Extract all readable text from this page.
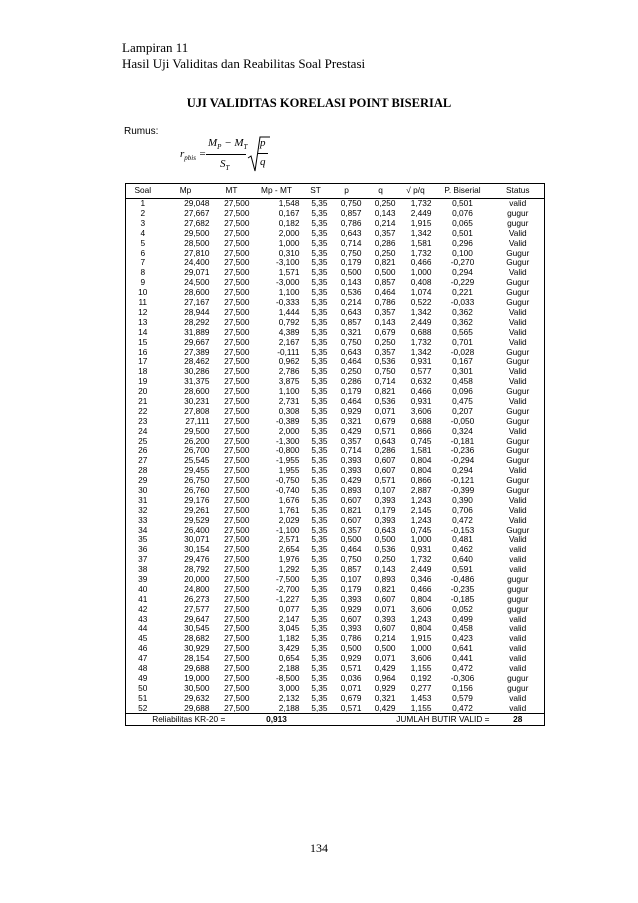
Lampiran 11
Hasil Uji Validitas dan Reabilitas Soal Prestasi
UJI VALIDITAS KORELASI POINT BISERIAL
Rumus:
$r_{pbis}$ =
$M_P - M_T$
$S_T$
p
q
Soal	Mp	MT	Mp - MT	ST	p	q	√ p/q	P. Biserial	Status
1	29,048	27,500	1,548	5,35	0,750	0,250	1,732	0,501	valid
2	27,667	27,500	0,167	5,35	0,857	0,143	2,449	0,076	gugur
3	27,682	27,500	0,182	5,35	0,786	0,214	1,915	0,065	gugur
4	29,500	27,500	2,000	5,35	0,643	0,357	1,342	0,501	Valid
5	28,500	27,500	1,000	5,35	0,714	0,286	1,581	0,296	Valid
6	27,810	27,500	0,310	5,35	0,750	0,250	1,732	0,100	Gugur
7	24,400	27,500	-3,100	5,35	0,179	0,821	0,466	-0,270	Gugur
8	29,071	27,500	1,571	5,35	0,500	0,500	1,000	0,294	Valid
9	24,500	27,500	-3,000	5,35	0,143	0,857	0,408	-0,229	Gugur
10	28,600	27,500	1,100	5,35	0,536	0,464	1,074	0,221	Gugur
11	27,167	27,500	-0,333	5,35	0,214	0,786	0,522	-0,033	Gugur
12	28,944	27,500	1,444	5,35	0,643	0,357	1,342	0,362	Valid
13	28,292	27,500	0,792	5,35	0,857	0,143	2,449	0,362	Valid
14	31,889	27,500	4,389	5,35	0,321	0,679	0,688	0,565	Valid
15	29,667	27,500	2,167	5,35	0,750	0,250	1,732	0,701	Valid
16	27,389	27,500	-0,111	5,35	0,643	0,357	1,342	-0,028	Gugur
17	28,462	27,500	0,962	5,35	0,464	0,536	0,931	0,167	Gugur
18	30,286	27,500	2,786	5,35	0,250	0,750	0,577	0,301	Valid
19	31,375	27,500	3,875	5,35	0,286	0,714	0,632	0,458	Valid
20	28,600	27,500	1,100	5,35	0,179	0,821	0,466	0,096	Gugur
21	30,231	27,500	2,731	5,35	0,464	0,536	0,931	0,475	Valid
22	27,808	27,500	0,308	5,35	0,929	0,071	3,606	0,207	Gugur
23	27,111	27,500	-0,389	5,35	0,321	0,679	0,688	-0,050	Gugur
24	29,500	27,500	2,000	5,35	0,429	0,571	0,866	0,324	Valid
25	26,200	27,500	-1,300	5,35	0,357	0,643	0,745	-0,181	Gugur
26	26,700	27,500	-0,800	5,35	0,714	0,286	1,581	-0,236	Gugur
27	25,545	27,500	-1,955	5,35	0,393	0,607	0,804	-0,294	Gugur
28	29,455	27,500	1,955	5,35	0,393	0,607	0,804	0,294	Valid
29	26,750	27,500	-0,750	5,35	0,429	0,571	0,866	-0,121	Gugur
30	26,760	27,500	-0,740	5,35	0,893	0,107	2,887	-0,399	Gugur
31	29,176	27,500	1,676	5,35	0,607	0,393	1,243	0,390	Valid
32	29,261	27,500	1,761	5,35	0,821	0,179	2,145	0,706	Valid
33	29,529	27,500	2,029	5,35	0,607	0,393	1,243	0,472	Valid
34	26,400	27,500	-1,100	5,35	0,357	0,643	0,745	-0,153	Gugur
35	30,071	27,500	2,571	5,35	0,500	0,500	1,000	0,481	Valid
36	30,154	27,500	2,654	5,35	0,464	0,536	0,931	0,462	valid
37	29,476	27,500	1,976	5,35	0,750	0,250	1,732	0,640	valid
38	28,792	27,500	1,292	5,35	0,857	0,143	2,449	0,591	valid
39	20,000	27,500	-7,500	5,35	0,107	0,893	0,346	-0,486	gugur
40	24,800	27,500	-2,700	5,35	0,179	0,821	0,466	-0,235	gugur
41	26,273	27,500	-1,227	5,35	0,393	0,607	0,804	-0,185	gugur
42	27,577	27,500	0,077	5,35	0,929	0,071	3,606	0,052	gugur
43	29,647	27,500	2,147	5,35	0,607	0,393	1,243	0,499	valid
44	30,545	27,500	3,045	5,35	0,393	0,607	0,804	0,458	valid
45	28,682	27,500	1,182	5,35	0,786	0,214	1,915	0,423	valid
46	30,929	27,500	3,429	5,35	0,500	0,500	1,000	0,641	valid
47	28,154	27,500	0,654	5,35	0,929	0,071	3,606	0,441	valid
48	29,688	27,500	2,188	5,35	0,571	0,429	1,155	0,472	valid
49	19,000	27,500	-8,500	5,35	0,036	0,964	0,192	-0,306	gugur
50	30,500	27,500	3,000	5,35	0,071	0,929	0,277	0,156	gugur
51	29,632	27,500	2,132	5,35	0,679	0,321	1,453	0,579	valid
52	29,688	27,500	2,188	5,35	0,571	0,429	1,155	0,472	valid
Reliabilitas KR-20 =			0,913	JUMLAH BUTIR VALID =					28
134
